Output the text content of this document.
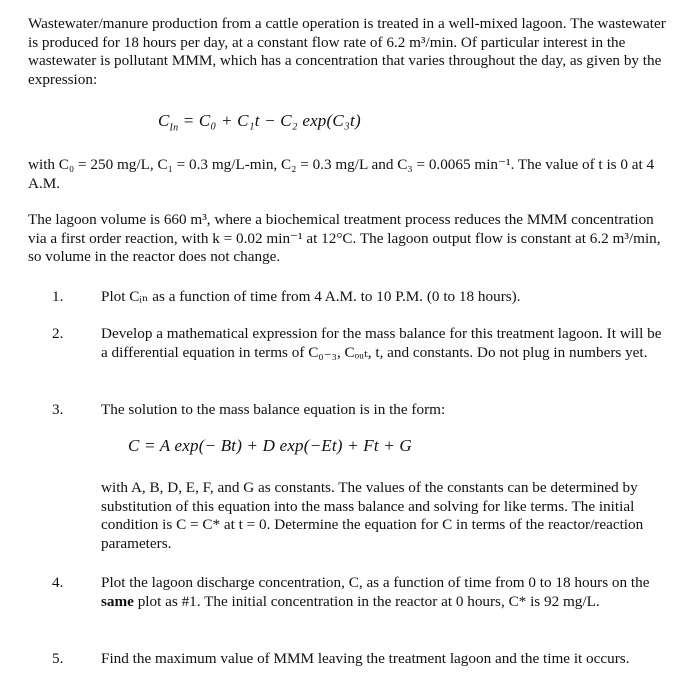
Wastewater/manure production from a cattle operation is treated in a well-mixed lagoon. The wastewater is produced for 18 hours per day, at a constant flow rate of 6.2 m³/min. Of particular interest in the wastewater is pollutant MMM, which has a concentration that varies throughout the day, as given by the expression:
$C_{In} = C_0 + C_1t - C_2$ exp(C₃t)
with C₀ = 250 mg/L, C₁ = 0.3 mg/L-min, C₂ = 0.3 mg/L and C₃ = 0.0065 min⁻¹. The value of t is 0 at 4 A.M.
The lagoon volume is 660 m³, where a biochemical treatment process reduces the MMM concentration via a first order reaction, with k = 0.02 min⁻¹ at 12°C. The lagoon output flow is constant at 6.2 m³/min, so volume in the reactor does not change.
1. Plot Cᵢₙ as a function of time from 4 A.M. to 10 P.M. (0 to 18 hours).
2. Develop a mathematical expression for the mass balance for this treatment lagoon. It will be a differential equation in terms of C₀₋₃, Cₒᵤₜ, t, and constants. Do not plug in numbers yet.
3. The solution to the mass balance equation is in the form:
C = A exp(− Bt) + D exp(−Et) + Ft + G
with A, B, D, E, F, and G as constants. The values of the constants can be determined by substitution of this equation into the mass balance and solving for like terms. The initial condition is C = C* at t = 0. Determine the equation for C in terms of the reactor/reaction parameters.
4. Plot the lagoon discharge concentration, C, as a function of time from 0 to 18 hours on the same plot as #1. The initial concentration in the reactor at 0 hours, C* is 92 mg/L.
5. Find the maximum value of MMM leaving the treatment lagoon and the time it occurs.
